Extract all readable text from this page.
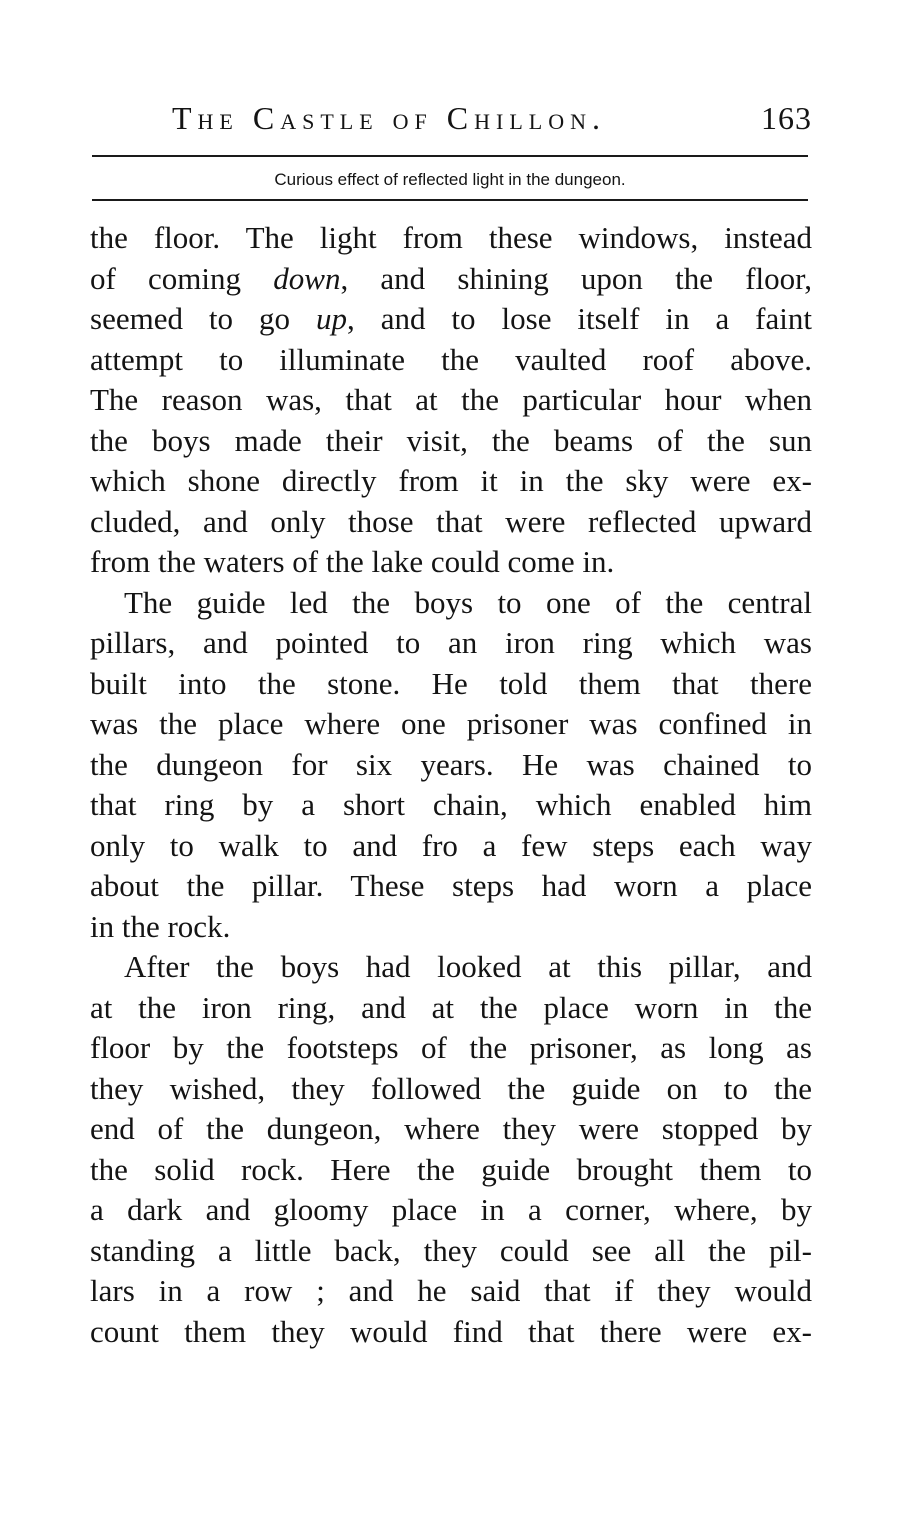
The Castle of Chillon.	163
Curious effect of reflected light in the dungeon.
the floor. The light from these windows, instead
of coming down, and shining upon the floor,
seemed to go up, and to lose itself in a faint
attempt to illuminate the vaulted roof above.
The reason was, that at the particular hour when
the boys made their visit, the beams of the sun
which shone directly from it in the sky were ex-
cluded, and only those that were reflected upward
from the waters of the lake could come in.
The guide led the boys to one of the central
pillars, and pointed to an iron ring which was
built into the stone. He told them that there
was the place where one prisoner was confined in
the dungeon for six years. He was chained to
that ring by a short chain, which enabled him
only to walk to and fro a few steps each way
about the pillar. These steps had worn a place
in the rock.
After the boys had looked at this pillar, and
at the iron ring, and at the place worn in the
floor by the footsteps of the prisoner, as long as
they wished, they followed the guide on to the
end of the dungeon, where they were stopped by
the solid rock. Here the guide brought them to
a dark and gloomy place in a corner, where, by
standing a little back, they could see all the pil-
lars in a row ; and he said that if they would
count them they would find that there were ex-
